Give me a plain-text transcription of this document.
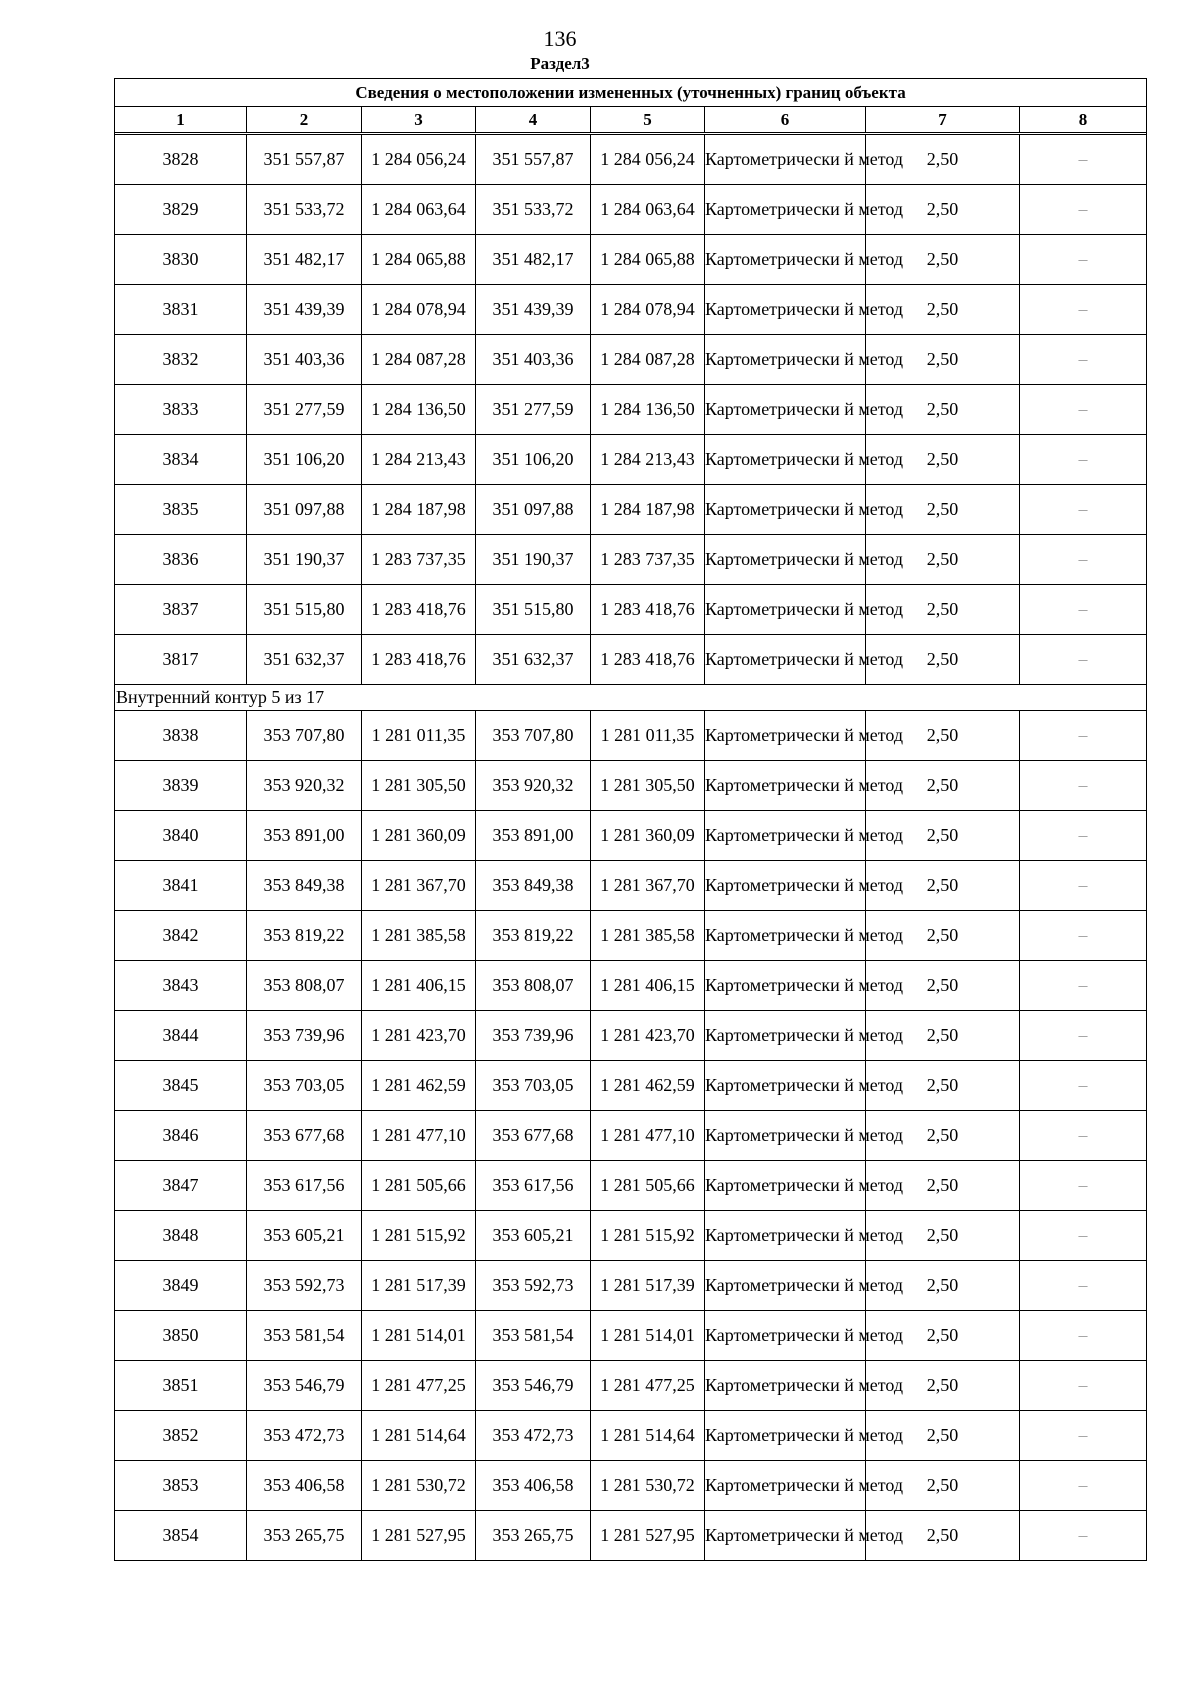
136
Раздел3
Сведения о местоположении измененных (уточненных) границ объекта							
1	2	3	4	5	6	7	8

3828	351 557,87	1 284 056,24	351 557,87	1 284 056,24	Картометрически й метод	2,50	—
3829	351 533,72	1 284 063,64	351 533,72	1 284 063,64	Картометрически й метод	2,50	—
3830	351 482,17	1 284 065,88	351 482,17	1 284 065,88	Картометрически й метод	2,50	—
3831	351 439,39	1 284 078,94	351 439,39	1 284 078,94	Картометрически й метод	2,50	—
3832	351 403,36	1 284 087,28	351 403,36	1 284 087,28	Картометрически й метод	2,50	—
3833	351 277,59	1 284 136,50	351 277,59	1 284 136,50	Картометрически й метод	2,50	—
3834	351 106,20	1 284 213,43	351 106,20	1 284 213,43	Картометрически й метод	2,50	—
3835	351 097,88	1 284 187,98	351 097,88	1 284 187,98	Картометрически й метод	2,50	—
3836	351 190,37	1 283 737,35	351 190,37	1 283 737,35	Картометрически й метод	2,50	—
3837	351 515,80	1 283 418,76	351 515,80	1 283 418,76	Картометрически й метод	2,50	—
3817	351 632,37	1 283 418,76	351 632,37	1 283 418,76	Картометрически й метод	2,50	—
Внутренний контур 5 из 17							
3838	353 707,80	1 281 011,35	353 707,80	1 281 011,35	Картометрически й метод	2,50	—
3839	353 920,32	1 281 305,50	353 920,32	1 281 305,50	Картометрически й метод	2,50	—
3840	353 891,00	1 281 360,09	353 891,00	1 281 360,09	Картометрически й метод	2,50	—
3841	353 849,38	1 281 367,70	353 849,38	1 281 367,70	Картометрически й метод	2,50	—
3842	353 819,22	1 281 385,58	353 819,22	1 281 385,58	Картометрически й метод	2,50	—
3843	353 808,07	1 281 406,15	353 808,07	1 281 406,15	Картометрически й метод	2,50	—
3844	353 739,96	1 281 423,70	353 739,96	1 281 423,70	Картометрически й метод	2,50	—
3845	353 703,05	1 281 462,59	353 703,05	1 281 462,59	Картометрически й метод	2,50	—
3846	353 677,68	1 281 477,10	353 677,68	1 281 477,10	Картометрически й метод	2,50	—
3847	353 617,56	1 281 505,66	353 617,56	1 281 505,66	Картометрически й метод	2,50	—
3848	353 605,21	1 281 515,92	353 605,21	1 281 515,92	Картометрически й метод	2,50	—
3849	353 592,73	1 281 517,39	353 592,73	1 281 517,39	Картометрически й метод	2,50	—
3850	353 581,54	1 281 514,01	353 581,54	1 281 514,01	Картометрически й метод	2,50	—
3851	353 546,79	1 281 477,25	353 546,79	1 281 477,25	Картометрически й метод	2,50	—
3852	353 472,73	1 281 514,64	353 472,73	1 281 514,64	Картометрически й метод	2,50	—
3853	353 406,58	1 281 530,72	353 406,58	1 281 530,72	Картометрически й метод	2,50	—
3854	353 265,75	1 281 527,95	353 265,75	1 281 527,95	Картометрически й метод	2,50	—
